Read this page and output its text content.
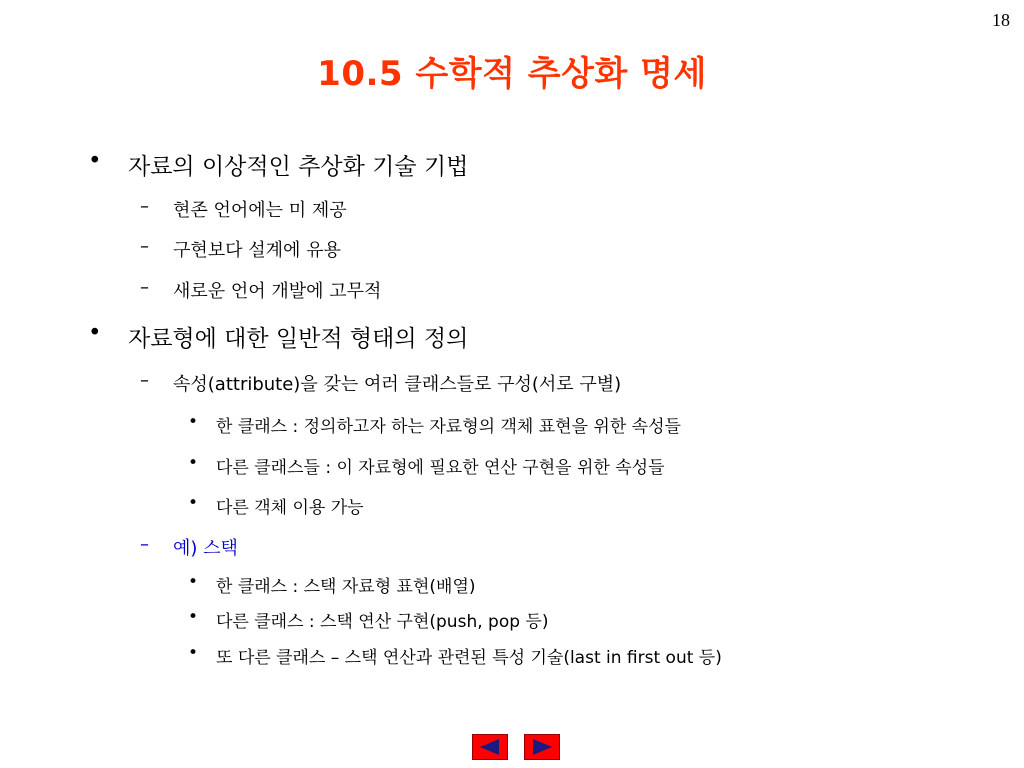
18
10.5 수학적 추상화 명세
• 자료의 이상적인 추상화 기술 기법
– 현존 언어에는 미 제공
– 구현보다 설계에 유용
– 새로운 언어 개발에 고무적
• 자료형에 대한 일반적 형태의 정의
– 속성(attribute)을 갖는 여러 클래스들로 구성(서로 구별)
• 한 클래스 : 정의하고자 하는 자료형의 객체 표현을 위한 속성들
• 다른 클래스들 : 이 자료형에 필요한 연산 구현을 위한 속성들
• 다른 객체 이용 가능
– 예) 스택
• 한 클래스 : 스택 자료형 표현(배열)
• 다른 클래스 : 스택 연산 구현(push, pop 등)
• 또 다른 클래스 – 스택 연산과 관련된 특성 기술(last in first out 등)
